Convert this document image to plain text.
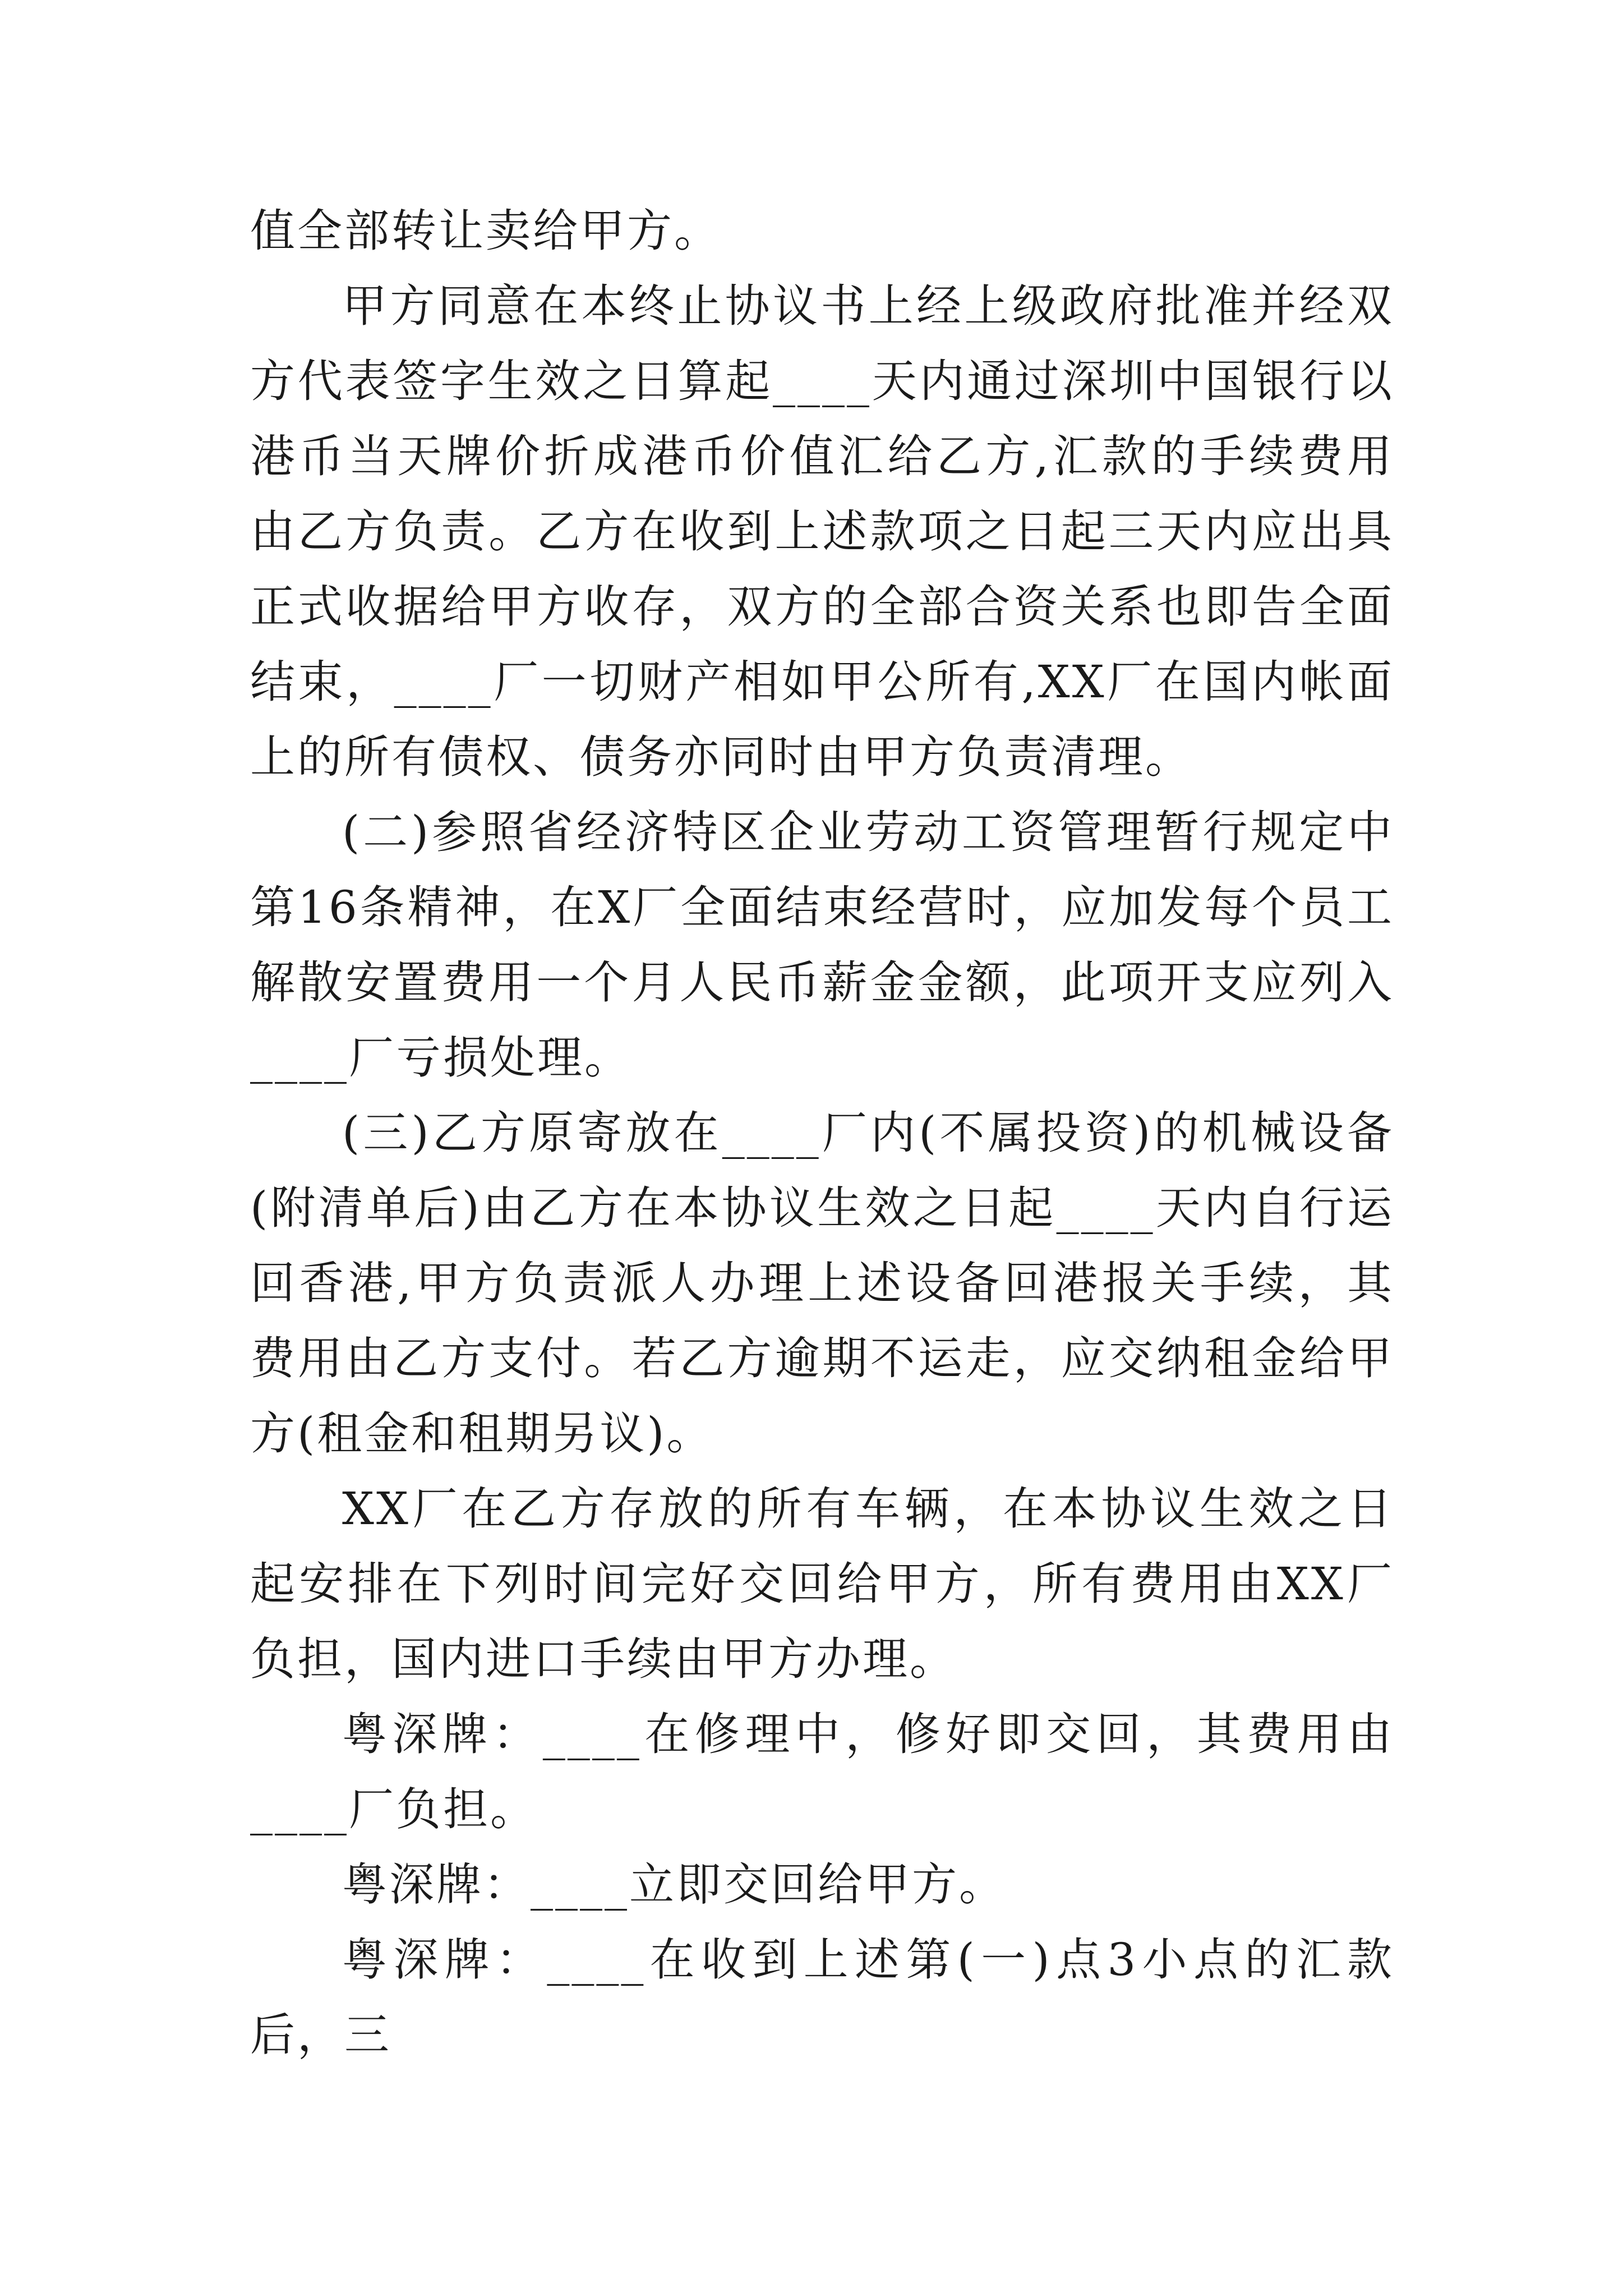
值全部转让卖给甲方。

甲方同意在本终止协议书上经上级政府批准并经双方代表签字生效之日算起____天内通过深圳中国银行以港币当天牌价折成港币价值汇给乙方,汇款的手续费用由乙方负责。乙方在收到上述款项之日起三天内应出具正式收据给甲方收存，双方的全部合资关系也即告全面结束，____厂一切财产相如甲公所有,XX厂在国内帐面上的所有债权、债务亦同时由甲方负责清理。

(二)参照省经济特区企业劳动工资管理暂行规定中第16条精神，在X厂全面结束经营时，应加发每个员工解散安置费用一个月人民币薪金金额，此项开支应列入____厂亏损处理。

(三)乙方原寄放在____厂内(不属投资)的机械设备(附清单后)由乙方在本协议生效之日起____天内自行运回香港,甲方负责派人办理上述设备回港报关手续，其费用由乙方支付。若乙方逾期不运走，应交纳租金给甲方(租金和租期另议)。

XX厂在乙方存放的所有车辆，在本协议生效之日起安排在下列时间完好交回给甲方，所有费用由XX厂负担，国内进口手续由甲方办理。

粤深牌：____在修理中，修好即交回，其费用由____厂负担。

粤深牌：____立即交回给甲方。

粤深牌：____在收到上述第(一)点3小点的汇款后，三
